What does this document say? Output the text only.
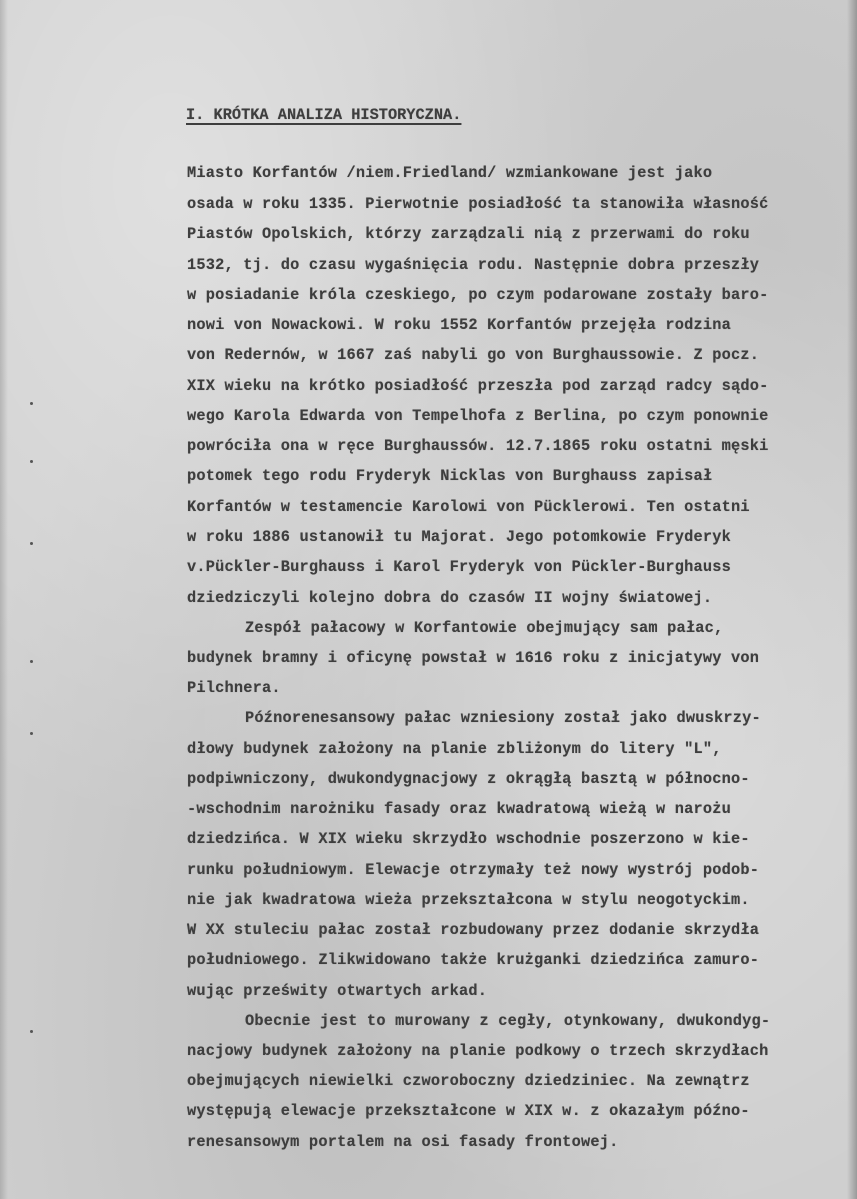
I. KRÓTKA ANALIZA HISTORYCZNA.

Miasto Korfantów /niem.Friedland/ wzmiankowane jest jako

osada w roku 1335. Pierwotnie posiadłość ta stanowiła własność

Piastów Opolskich, którzy zarządzali nią z przerwami do roku

1532, tj. do czasu wygaśnięcia rodu. Następnie dobra przeszły

w posiadanie króla czeskiego, po czym podarowane zostały baro-

nowi von Nowackowi. W roku 1552 Korfantów przejęła rodzina

von Redernów, w 1667 zaś nabyli go von Burghaussowie. Z pocz.

XIX wieku na krótko posiadłość przeszła pod zarząd radcy sądo-

wego Karola Edwarda von Tempelhofa z Berlina, po czym ponownie

powróciła ona w ręce Burghaussów. 12.7.1865 roku ostatni męski

potomek tego rodu Fryderyk Nicklas von Burghauss zapisał

Korfantów w testamencie Karolowi von Pücklerowi. Ten ostatni

w roku 1886 ustanowił tu Majorat. Jego potomkowie Fryderyk

v.Pückler-Burghauss i Karol Fryderyk von Pückler-Burghauss

dziedziczyli kolejno dobra do czasów II wojny światowej.

Zespół pałacowy w Korfantowie obejmujący sam pałac,

budynek bramny i oficynę powstał w 1616 roku z inicjatywy von

Pilchnera.

Późnorenesansowy pałac wzniesiony został jako dwuskrzy-

dłowy budynek założony na planie zbliżonym do litery "L",

podpiwniczony, dwukondygnacjowy z okrągłą basztą w północno-

-wschodnim narożniku fasady oraz kwadratową wieżą w narożu

dziedzińca. W XIX wieku skrzydło wschodnie poszerzono w kie-

runku południowym. Elewacje otrzymały też nowy wystrój podob-

nie jak kwadratowa wieża przekształcona w stylu neogotyckim.

W XX stuleciu pałac został rozbudowany przez dodanie skrzydła

południowego. Zlikwidowano także krużganki dziedzińca zamuro-

wując prześwity otwartych arkad.

Obecnie jest to murowany z cegły, otynkowany, dwukondyg-

nacjowy budynek założony na planie podkowy o trzech skrzydłach

obejmujących niewielki czworoboczny dziedziniec. Na zewnątrz

występują elewacje przekształcone w XIX w. z okazałym późno-

renesansowym portalem na osi fasady frontowej.
